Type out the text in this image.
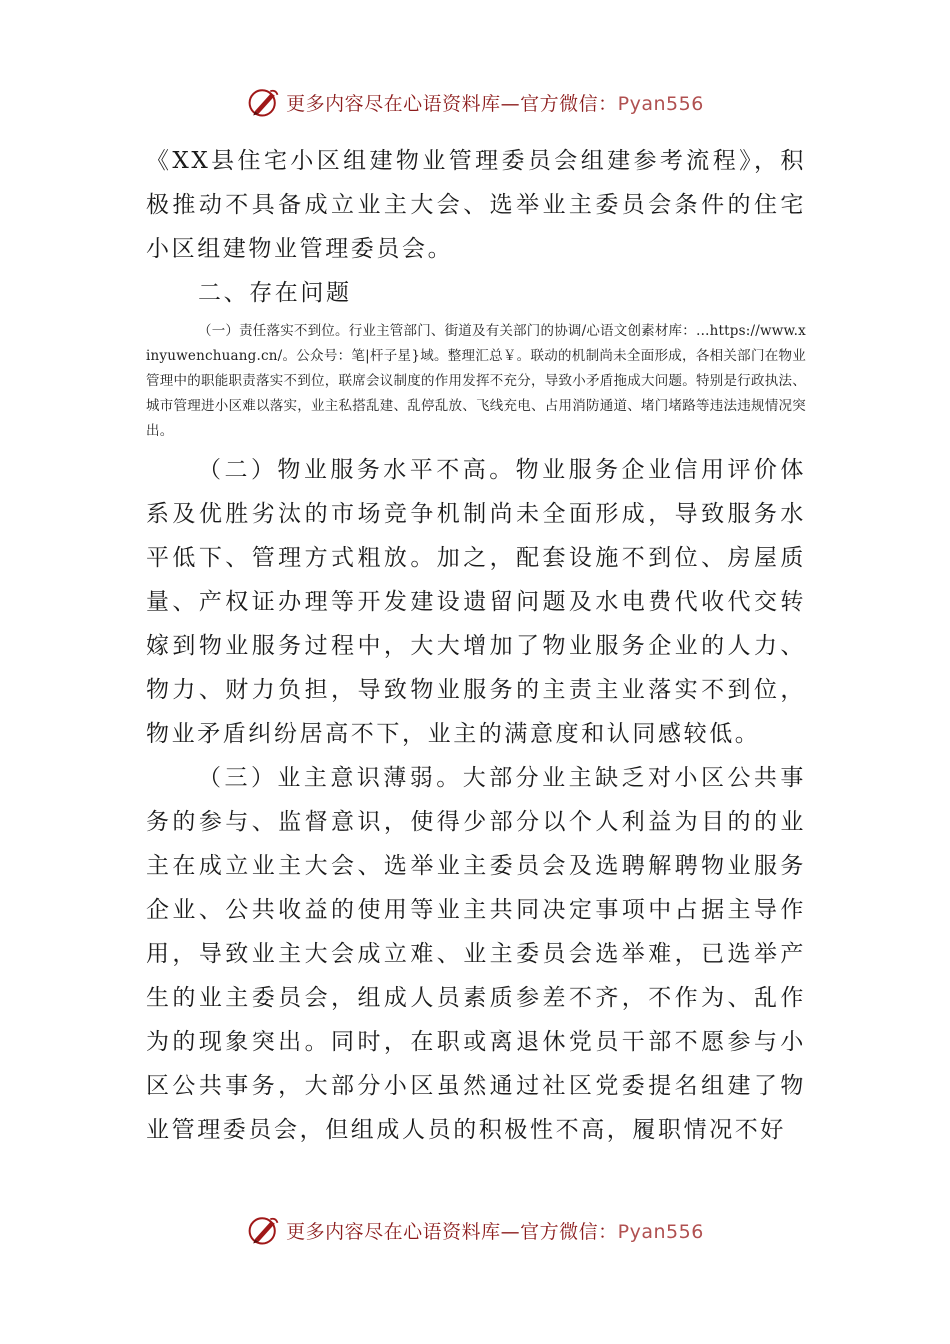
更多内容尽在心语资料库—官方微信：Pyan556

《XX县住宅小区组建物业管理委员会组建参考流程》，积极推动不具备成立业主大会、选举业主委员会条件的住宅小区组建物业管理委员会。

二、存在问题

（一）责任落实不到位。行业主管部门、街道及有关部门的协调/心语文创素材库：…https://www.xinyuwenchuang.cn/。公众号：笔|杆子星}域。整理汇总￥。联动的机制尚未全面形成，各相关部门在物业管理中的职能职责落实不到位，联席会议制度的作用发挥不充分，导致小矛盾拖成大问题。特别是行政执法、城市管理进小区难以落实，业主私搭乱建、乱停乱放、飞线充电、占用消防通道、堵门堵路等违法违规情况突出。

（二）物业服务水平不高。物业服务企业信用评价体系及优胜劣汰的市场竞争机制尚未全面形成，导致服务水平低下、管理方式粗放。加之，配套设施不到位、房屋质量、产权证办理等开发建设遗留问题及水电费代收代交转嫁到物业服务过程中，大大增加了物业服务企业的人力、物力、财力负担，导致物业服务的主责主业落实不到位，物业矛盾纠纷居高不下，业主的满意度和认同感较低。

（三）业主意识薄弱。大部分业主缺乏对小区公共事务的参与、监督意识，使得少部分以个人利益为目的的业主在成立业主大会、选举业主委员会及选聘解聘物业服务企业、公共收益的使用等业主共同决定事项中占据主导作用，导致业主大会成立难、业主委员会选举难，已选举产生的业主委员会，组成人员素质参差不齐，不作为、乱作为的现象突出。同时，在职或离退休党员干部不愿参与小区公共事务，大部分小区虽然通过社区党委提名组建了物业管理委员会，但组成人员的积极性不高，履职情况不好

更多内容尽在心语资料库—官方微信：Pyan556
